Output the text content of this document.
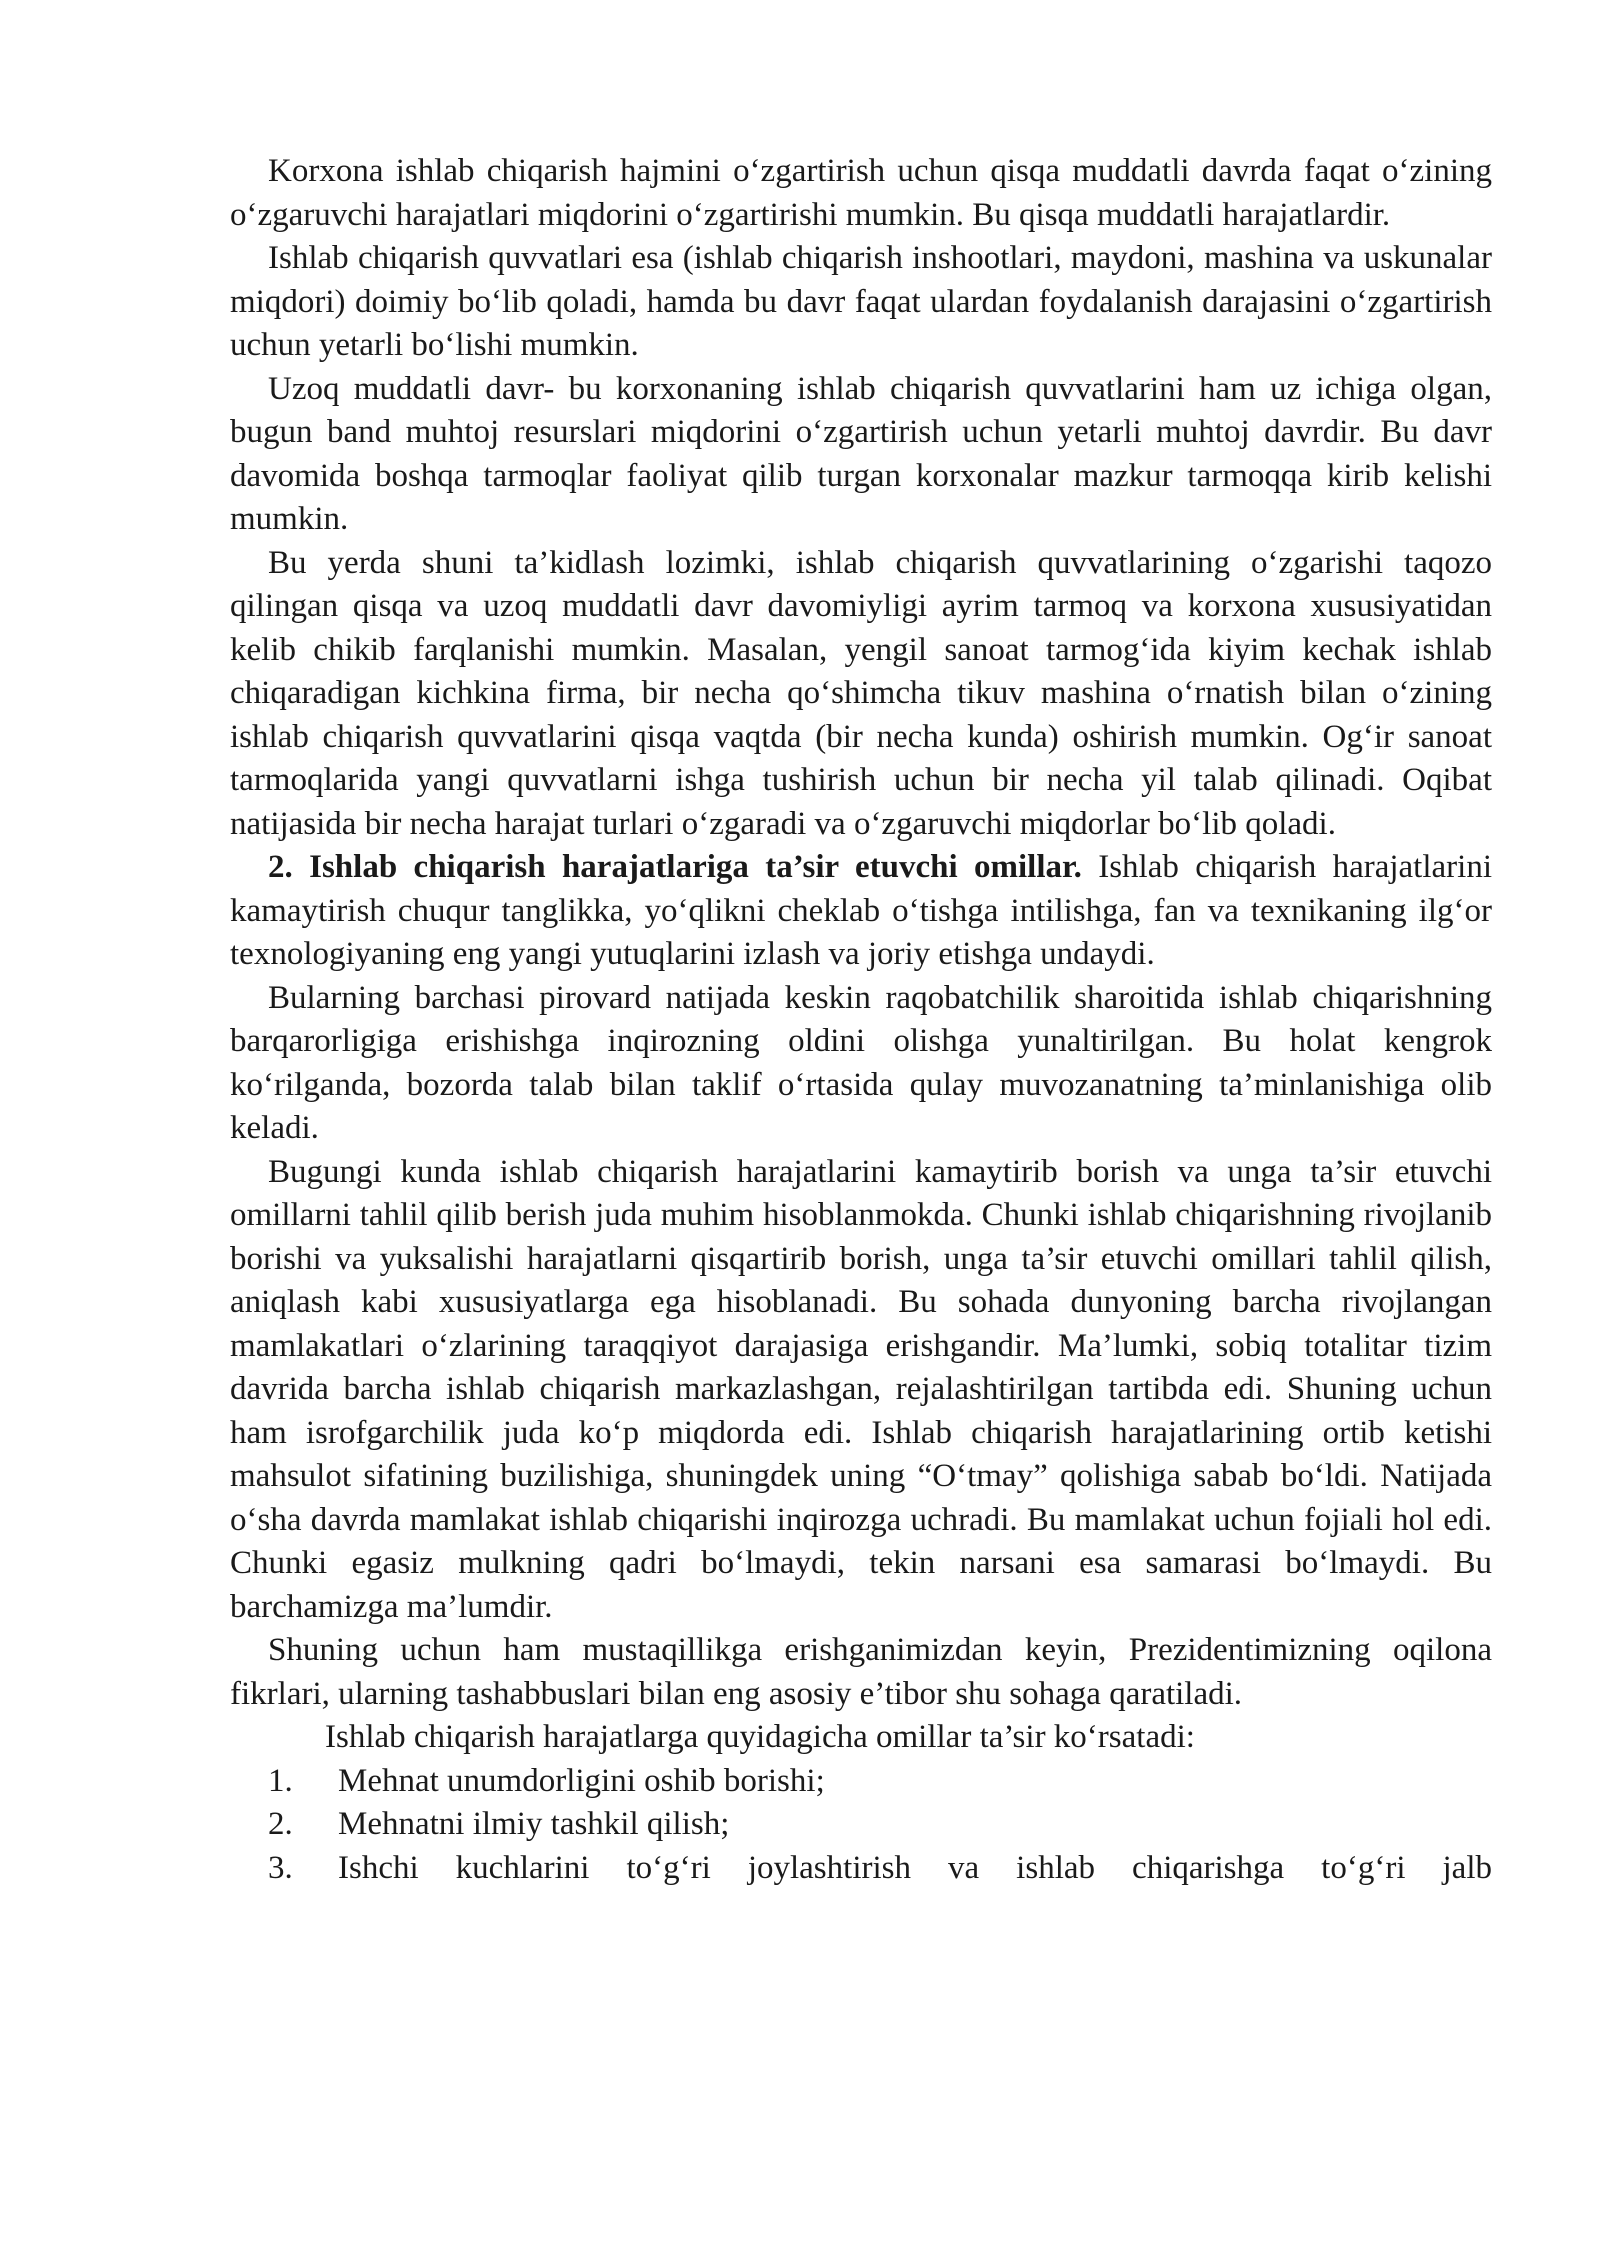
Korxona ishlab chiqarish hajmini o‘zgartirish uchun qisqa muddatli davrda faqat o‘zining o‘zgaruvchi harajatlari miqdorini o‘zgartirishi mumkin. Bu qisqa muddatli harajatlardir.

Ishlab chiqarish quvvatlari esa (ishlab chiqarish inshootlari, maydoni, mashina va uskunalar miqdori) doimiy bo‘lib qoladi, hamda bu davr faqat ulardan foydalanish darajasini o‘zgartirish uchun yetarli bo‘lishi mumkin.

Uzoq muddatli davr- bu korxonaning ishlab chiqarish quvvatlarini ham uz ichiga olgan, bugun band muhtoj resurslari miqdorini o‘zgartirish uchun yetarli muhtoj davrdir. Bu davr davomida boshqa tarmoqlar faoliyat qilib turgan korxonalar mazkur tarmoqqa kirib kelishi mumkin.

Bu yerda shuni ta’kidlash lozimki, ishlab chiqarish quvvatlarining o‘zgarishi taqozo qilingan qisqa va uzoq muddatli davr davomiyligi ayrim tarmoq va korxona xususiyatidan kelib chikib farqlanishi mumkin. Masalan, yengil sanoat tarmog‘ida kiyim kechak ishlab chiqaradigan kichkina firma, bir necha qo‘shimcha tikuv mashina o‘rnatish bilan o‘zining ishlab chiqarish quvvatlarini qisqa vaqtda (bir necha kunda) oshirish mumkin. Og‘ir sanoat tarmoqlarida yangi quvvatlarni ishga tushirish uchun bir necha yil talab qilinadi. Oqibat natijasida bir necha harajat turlari o‘zgaradi va o‘zgaruvchi miqdorlar bo‘lib qoladi.

2. Ishlab chiqarish harajatlariga ta’sir etuvchi omillar. Ishlab chiqarish harajatlarini kamaytirish chuqur tanglikka, yo‘qlikni cheklab o‘tishga intilishga, fan va texnikaning ilg‘or texnologiyaning eng yangi yutuqlarini izlash va joriy etishga undaydi.

Bularning barchasi pirovard natijada keskin raqobatchilik sharoitida ishlab chiqarishning barqarorligiga erishishga inqirozning oldini olishga yunaltirilgan. Bu holat kengrok ko‘rilganda, bozorda talab bilan taklif o‘rtasida qulay muvozanatning ta’minlanishiga olib keladi.

Bugungi kunda ishlab chiqarish harajatlarini kamaytirib borish va unga ta’sir etuvchi omillarni tahlil qilib berish juda muhim hisoblanmokda. Chunki ishlab chiqarishning rivojlanib borishi va yuksalishi harajatlarni qisqartirib borish, unga ta’sir etuvchi omillari tahlil qilish, aniqlash kabi xususiyatlarga ega hisoblanadi. Bu sohada dunyoning barcha rivojlangan mamlakatlari o‘zlarining taraqqiyot darajasiga erishgandir. Ma’lumki, sobiq totalitar tizim davrida barcha ishlab chiqarish markazlashgan, rejalashtirilgan tartibda edi. Shuning uchun ham isrofgarchilik juda ko‘p miqdorda edi. Ishlab chiqarish harajatlarining ortib ketishi mahsulot sifatining buzilishiga, shuningdek uning “O‘tmay” qolishiga sabab bo‘ldi. Natijada o‘sha davrda mamlakat ishlab chiqarishi inqirozga uchradi. Bu mamlakat uchun fojiali hol edi. Chunki egasiz mulkning qadri bo‘lmaydi, tekin narsani esa samarasi bo‘lmaydi. Bu barchamizga ma’lumdir.

Shuning uchun ham mustaqillikga erishganimizdan keyin, Prezidentimizning oqilona fikrlari, ularning tashabbuslari bilan eng asosiy e’tibor shu sohaga qaratiladi.

Ishlab chiqarish harajatlarga quyidagicha omillar ta’sir ko‘rsatadi:

1.	Mehnat unumdorligini oshib borishi;
2.	Mehnatni ilmiy tashkil qilish;
3.	Ishchi kuchlarini to‘g‘ri joylashtirish va ishlab chiqarishga to‘g‘ri jalb
